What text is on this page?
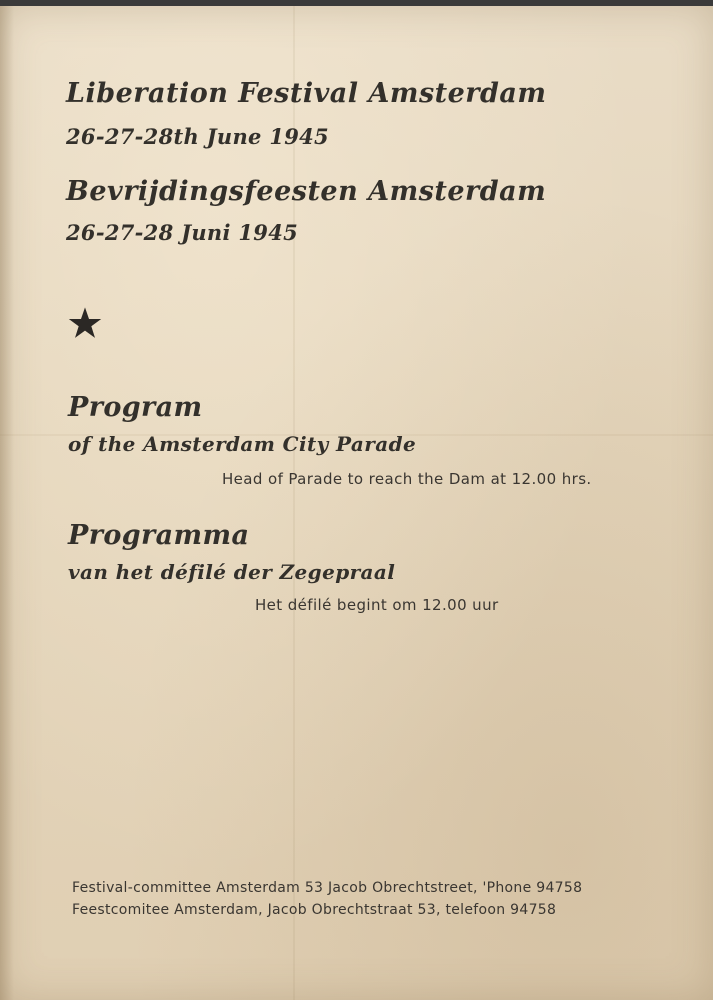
Liberation Festival Amsterdam
26-27-28th June 1945
Bevrijdingsfeesten Amsterdam
26-27-28 Juni 1945
Program
of the Amsterdam City Parade

Head of Parade to reach the Dam at 12.00 hrs.

Programma
van het défilé der Zegepraal

Het défilé begint om 12.00 uur

Festival-committee Amsterdam 53 Jacob Obrechtstreet, 'Phone 94758

Feestcomitee Amsterdam, Jacob Obrechtstraat 53, telefoon 94758
